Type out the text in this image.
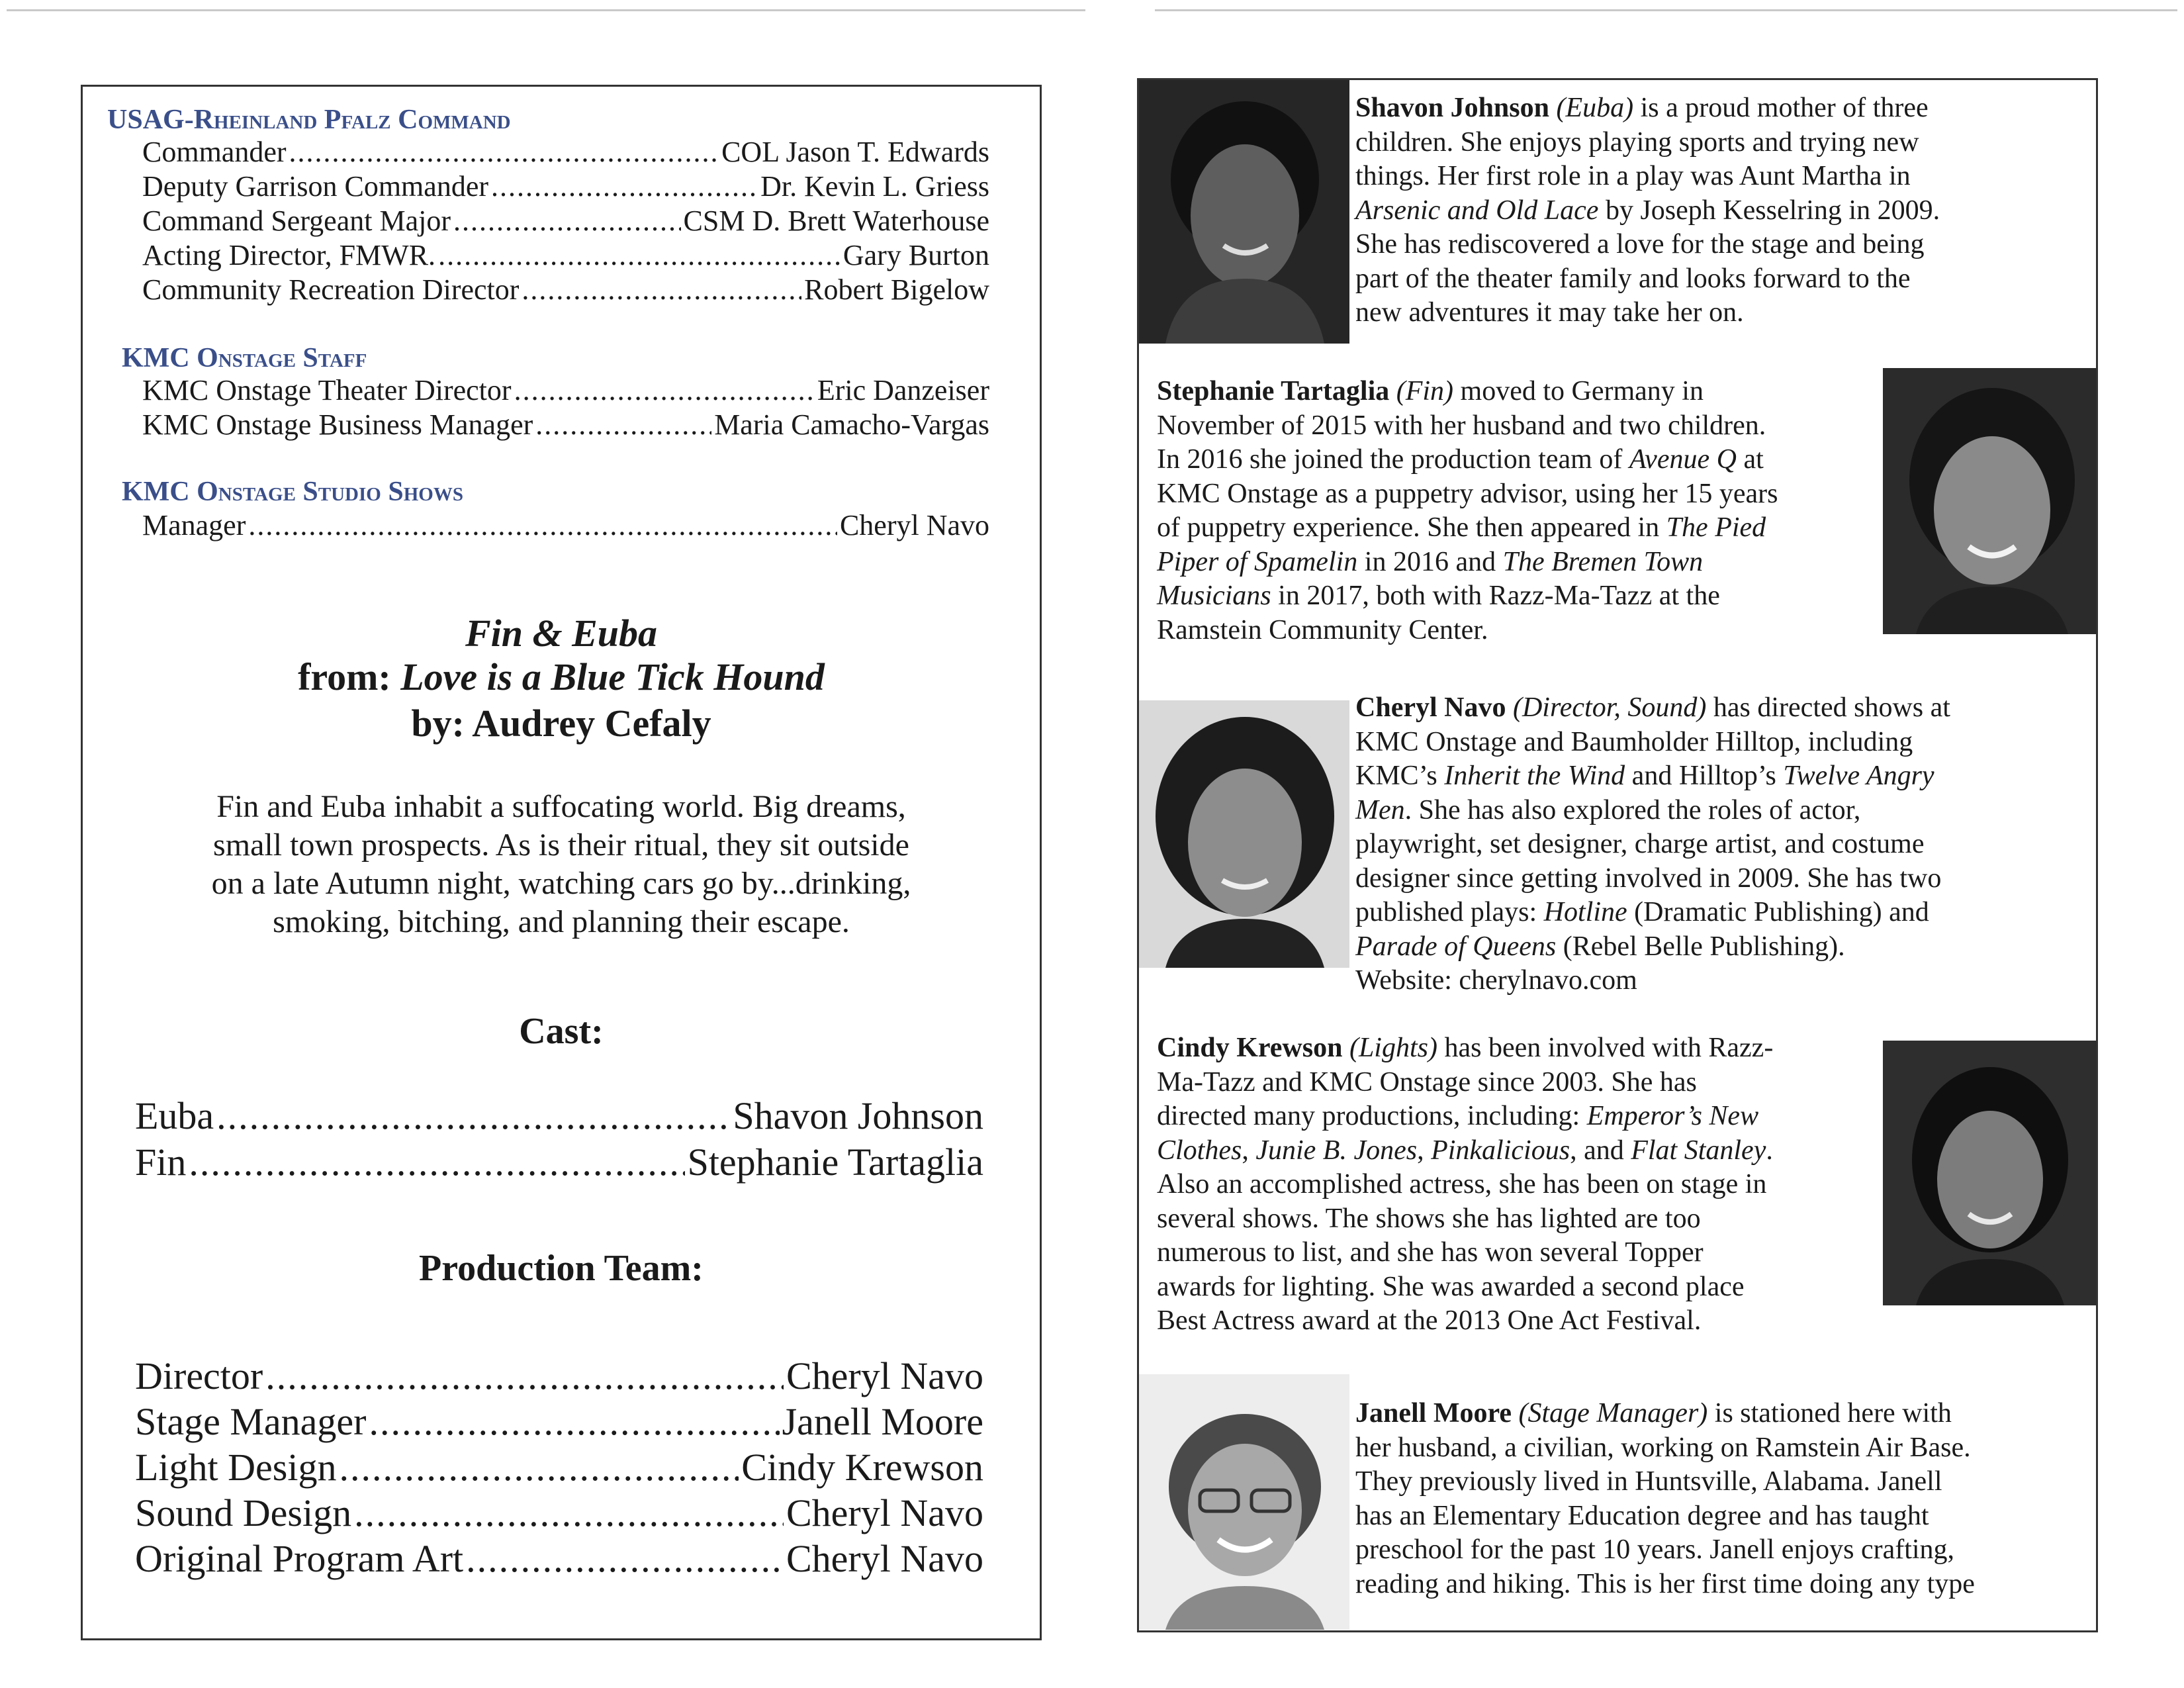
USAG-Rheinland Pfalz Command
Commander .....	COL Jason T. Edwards
Deputy Garrison Commander .....	Dr. Kevin L. Griess
Command Sergeant Major .....	CSM D. Brett Waterhouse
Acting Director, FMWR. .....	Gary Burton
Community Recreation Director .....	Robert Bigelow
KMC Onstage Staff
KMC Onstage Theater Director .....	Eric Danzeiser
KMC Onstage Business Manager .....	Maria Camacho-Vargas
KMC Onstage Studio Shows
Manager .....	Cheryl Navo
Fin & Euba
from: Love is a Blue Tick Hound
by: Audrey Cefaly
Fin and Euba inhabit a suffocating world. Big dreams,
small town prospects. As is their ritual, they sit outside
on a late Autumn night, watching cars go by...drinking,
smoking, bitching, and planning their escape.
Cast:
Euba .....	Shavon Johnson
Fin .....	Stephanie Tartaglia
Production Team:
Director .....	Cheryl Navo
Stage Manager .....	Janell Moore
Light Design .....	Cindy Krewson
Sound Design .....	Cheryl Navo
Original Program Art .....	Cheryl Navo
Shavon Johnson (Euba) is a proud mother of three
children. She enjoys playing sports and trying new
things. Her first role in a play was Aunt Martha in
Arsenic and Old Lace by Joseph Kesselring in 2009.
She has rediscovered a love for the stage and being
part of the theater family and looks forward to the
new adventures it may take her on.
Stephanie Tartaglia (Fin) moved to Germany in
November of 2015 with her husband and two children.
In 2016 she joined the production team of Avenue Q at
KMC Onstage as a puppetry advisor, using her 15 years
of puppetry experience. She then appeared in The Pied
Piper of Spamelin in 2016 and The Bremen Town
Musicians in 2017, both with Razz-Ma-Tazz at the
Ramstein Community Center.
Cheryl Navo (Director, Sound) has directed shows at
KMC Onstage and Baumholder Hilltop, including
KMC’s Inherit the Wind and Hilltop’s Twelve Angry
Men. She has also explored the roles of actor,
playwright, set designer, charge artist, and costume
designer since getting involved in 2009. She has two
published plays: Hotline (Dramatic Publishing) and
Parade of Queens (Rebel Belle Publishing).
Website: cherylnavo.com
Cindy Krewson (Lights) has been involved with Razz-
Ma-Tazz and KMC Onstage since 2003. She has
directed many productions, including: Emperor’s New
Clothes, Junie B. Jones, Pinkalicious, and Flat Stanley.
Also an accomplished actress, she has been on stage in
several shows. The shows she has lighted are too
numerous to list, and she has won several Topper
awards for lighting. She was awarded a second place
Best Actress award at the 2013 One Act Festival.
Janell Moore (Stage Manager) is stationed here with
her husband, a civilian, working on Ramstein Air Base.
They previously lived in Huntsville, Alabama. Janell
has an Elementary Education degree and has taught
preschool for the past 10 years. Janell enjoys crafting,
reading and hiking. This is her first time doing any type
